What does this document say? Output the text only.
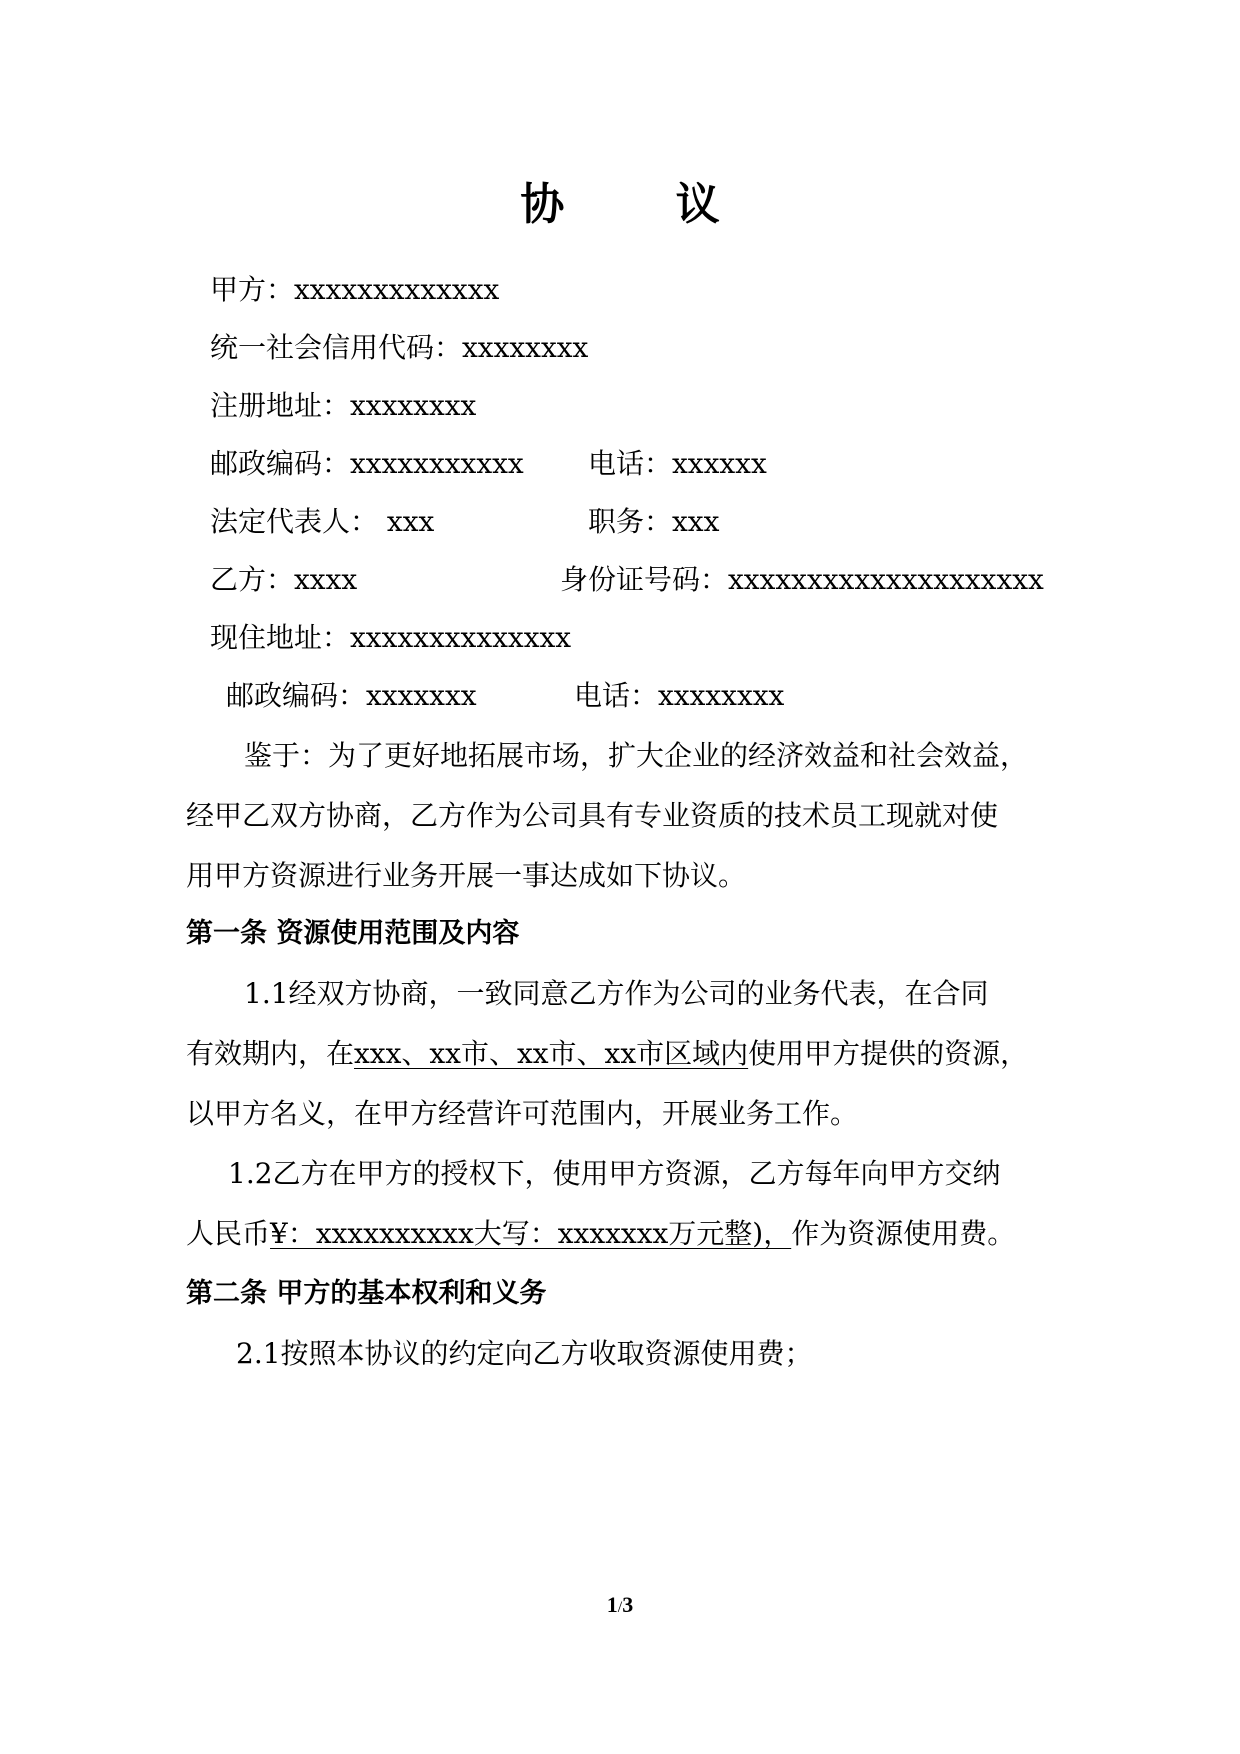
协 议
甲方：xxxxxxxxxxxxx
统一社会信用代码：xxxxxxxx
注册地址：xxxxxxxx
邮政编码：xxxxxxxxxxx 电话：xxxxxx
法定代表人： xxx	职务：xxx
乙方：xxxx	身份证号码：xxxxxxxxxxxxxxxxxxxx
现住地址：xxxxxxxxxxxxxx
邮政编码：xxxxxxx	电话：xxxxxxxx
鉴于：为了更好地拓展市场，扩大企业的经济效益和社会效益，
经甲乙双方协商，乙方作为公司具有专业资质的技术员工现就对使
用甲方资源进行业务开展一事达成如下协议。
第一条 资源使用范围及内容
1.1经双方协商，一致同意乙方作为公司的业务代表，在合同
有效期内，在xxx、xx市、xx市、xx市区域内使用甲方提供的资源，
以甲方名义，在甲方经营许可范围内，开展业务工作。
1.2乙方在甲方的授权下，使用甲方资源，乙方每年向甲方交纳
人民币¥：xxxxxxxxxx大写：xxxxxxx万元整)，作为资源使用费。
第二条 甲方的基本权利和义务
2.1按照本协议的约定向乙方收取资源使用费；
1/3
